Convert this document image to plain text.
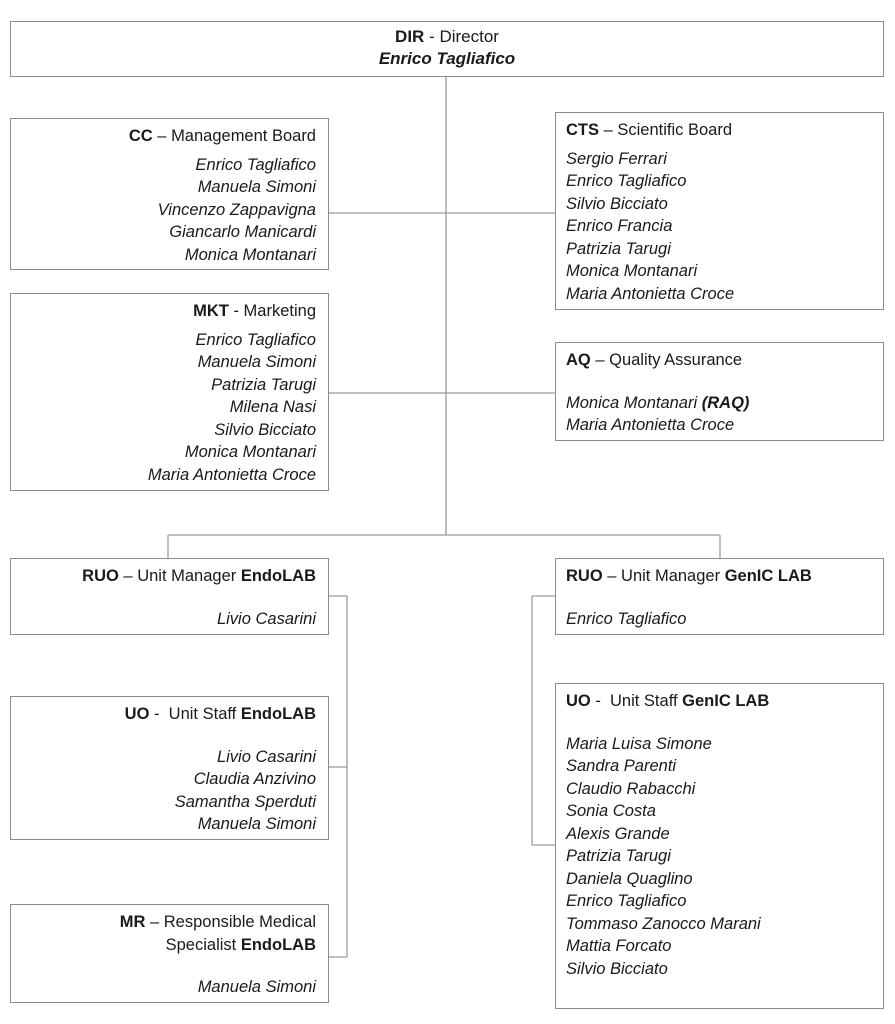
DIR - Director
Enrico Tagliafico
CC – Management Board
Enrico Tagliafico
Manuela Simoni
Vincenzo Zappavigna
Giancarlo Manicardi
Monica Montanari
CTS – Scientific Board
Sergio Ferrari
Enrico Tagliafico
Silvio Bicciato
Enrico Francia
Patrizia Tarugi
Monica Montanari
Maria Antonietta Croce
MKT - Marketing
Enrico Tagliafico
Manuela Simoni
Patrizia Tarugi
Milena Nasi
Silvio Bicciato
Monica Montanari
Maria Antonietta Croce
AQ – Quality Assurance
Monica Montanari (RAQ)
Maria Antonietta Croce
RUO – Unit Manager EndoLAB
Livio Casarini
RUO – Unit Manager GenIC LAB
Enrico Tagliafico
UO -  Unit Staff EndoLAB
Livio Casarini
Claudia Anzivino
Samantha Sperduti
Manuela Simoni
UO -  Unit Staff GenIC LAB
Maria Luisa Simone
Sandra Parenti
Claudio Rabacchi
Sonia Costa
Alexis Grande
Patrizia Tarugi
Daniela Quaglino
Enrico Tagliafico
Tommaso Zanocco Marani
Mattia Forcato
Silvio Bicciato
MR – Responsible Medical
Specialist EndoLAB
Manuela Simoni
